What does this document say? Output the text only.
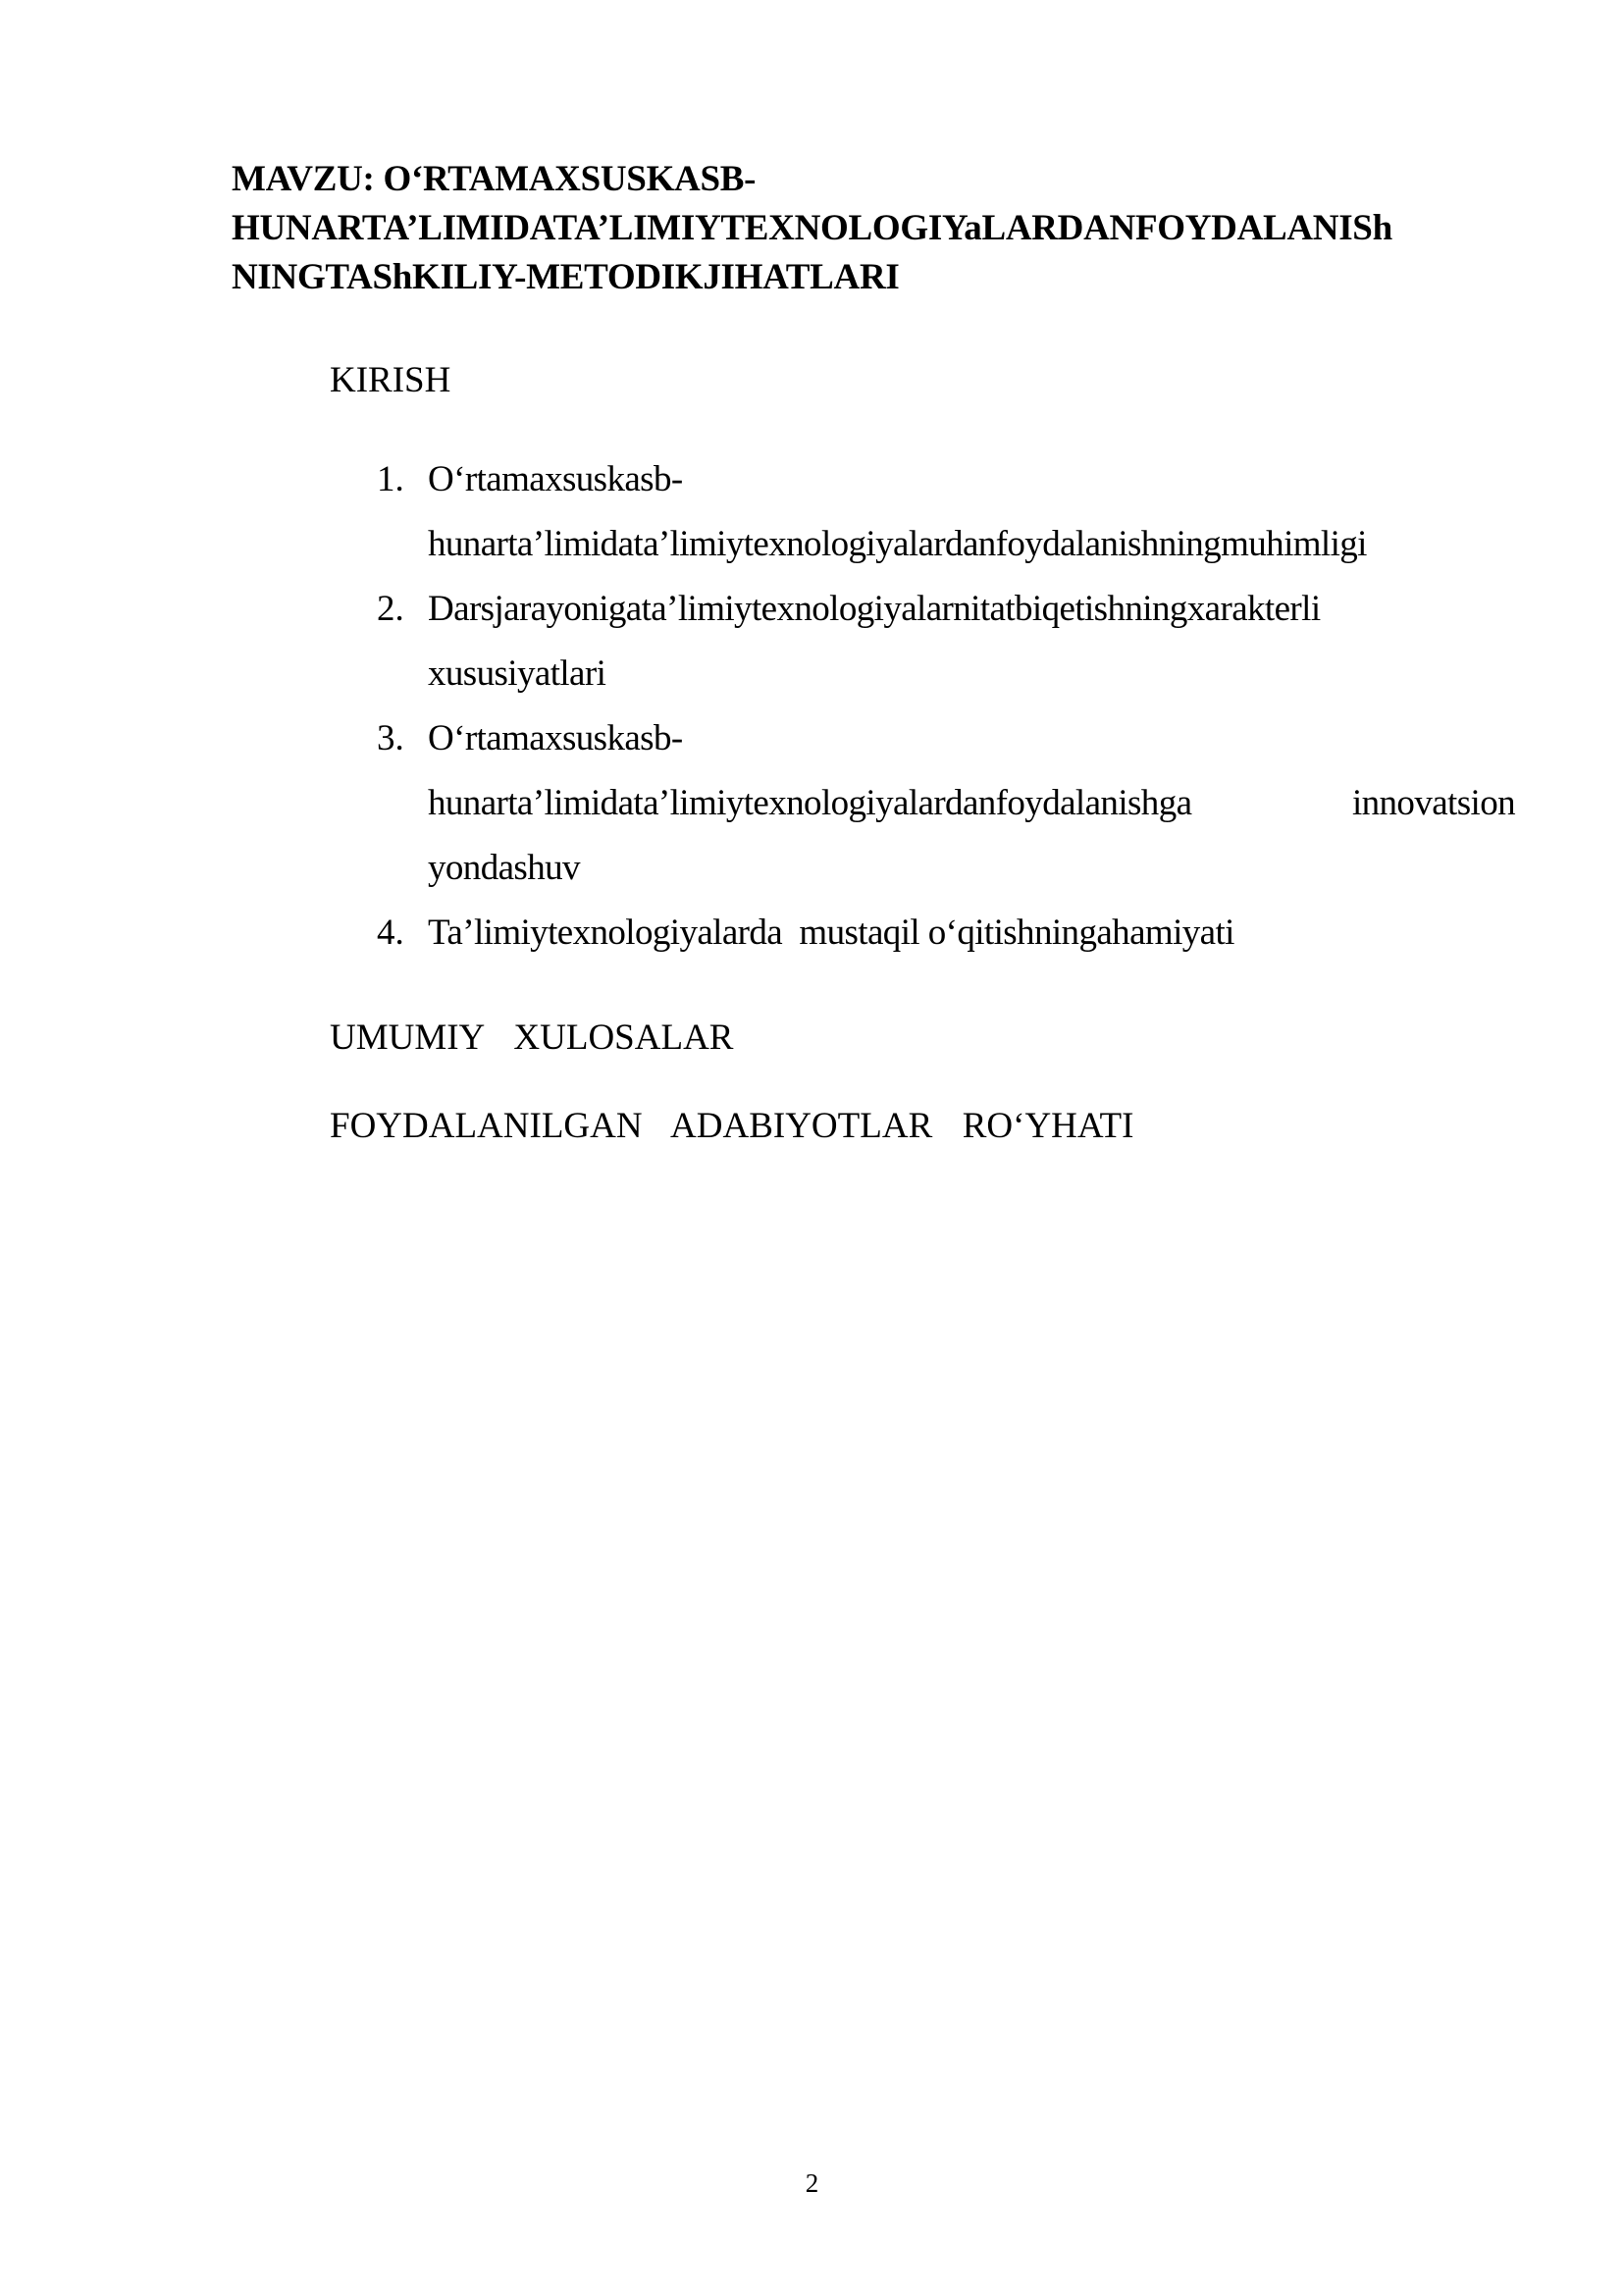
MAVZU: O‘RTAMAXSUSKASB-
HUNARTA’LIMIDATA’LIMIYTEXNOLOGIYaLARDANFOYDALANISh
NINGTAShKILIY-METODIKJIHATLARI
KIRISH
1. O‘rtamaxsuskasb-
hunarta’limidata’limiytexnologiyalardanfoydalanishningmuhimligi
2. Darsjarayonigata’limiytexnologiyalarnitatbiqetishningxarakterli
xususiyatlari
3. O‘rtamaxsuskasb-
hunarta’limidata’limiytexnologiyalardanfoydalanishga	innovatsion
yondashuv
4. Ta’limiytexnologiyalarda  mustaqil o‘qitishningahamiyati
UMUMIY  XULOSALAR
FOYDALANILGAN  ADABIYOTLAR  RO‘YHATI
2
